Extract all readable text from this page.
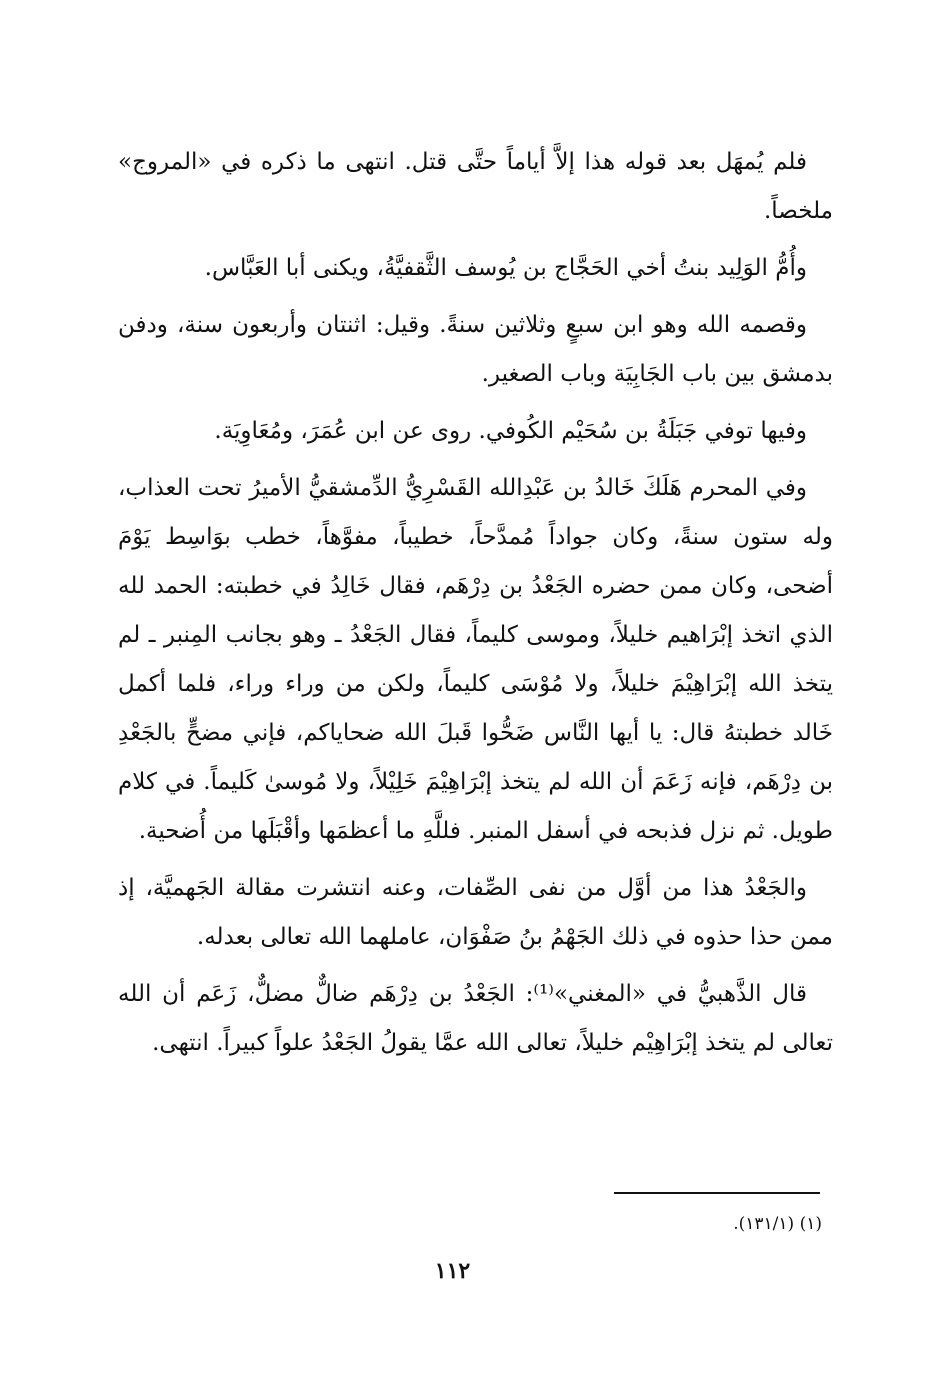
فلم يُمهَل بعد قوله هذا إلاَّ أياماً حتَّى قتل. انتهى ما ذكره في «المروج» ملخصاً.

وأُمُّ الوَلِيد بنتُ أخي الحَجَّاج بن يُوسف الثَّقفيَّةُ، ويكنى أبا العَبَّاس.

وقصمه الله وهو ابن سبعٍ وثلاثين سنةً. وقيل: اثنتان وأربعون سنة، ودفن بدمشق بين باب الجَابِيَة وباب الصغير.

وفيها توفي جَبَلَةُ بن سُحَيْم الكُوفي. روى عن ابن عُمَرَ، ومُعَاوِيَة.

وفي المحرم هَلَكَ خَالدُ بن عَبْدِالله القَسْرِيُّ الدِّمشقيُّ الأميرُ تحت العذاب، وله ستون سنةً، وكان جواداً مُمدَّحاً، خطيباً، مفوَّهاً، خطب بوَاسِط يَوْمَ أضحى، وكان ممن حضره الجَعْدُ بن دِرْهَم، فقال خَالِدُ في خطبته: الحمد لله الذي اتخذ إبْرَاهيم خليلاً، وموسى كليماً، فقال الجَعْدُ ـ وهو بجانب المِنبر ـ لم يتخذ الله إبْرَاهِيْمَ خليلاً، ولا مُوْسَى كليماً، ولكن من وراء وراء، فلما أكمل خَالد خطبتهُ قال: يا أيها النَّاس ضَحُّوا قَبلَ الله ضحاياكم، فإني مضحٍّ بالجَعْدِ بن دِرْهَم، فإنه زَعَمَ أن الله لم يتخذ إبْرَاهِيْمَ خَلِيْلاً، ولا مُوسىٰ كَليماً. في كلام طويل. ثم نزل فذبحه في أسفل المنبر. فللَّهِ ما أعظمَها وأقْبَلَها من أُضحية.

والجَعْدُ هذا من أوَّل من نفى الصِّفات، وعنه انتشرت مقالة الجَهميَّة، إذ ممن حذا حذوه في ذلك الجَهْمُ بنُ صَفْوَان، عاملهما الله تعالى بعدله.

قال الذَّهبيُّ في «المغني»⁽¹⁾: الجَعْدُ بن دِرْهَم ضالٌّ مضلٌّ، زَعَم أن الله تعالى لم يتخذ إبْرَاهِيْم خليلاً، تعالى الله عمَّا يقولُ الجَعْدُ علواً كبيراً. انتهى.

(١) (١٣١/١).
١١٢
